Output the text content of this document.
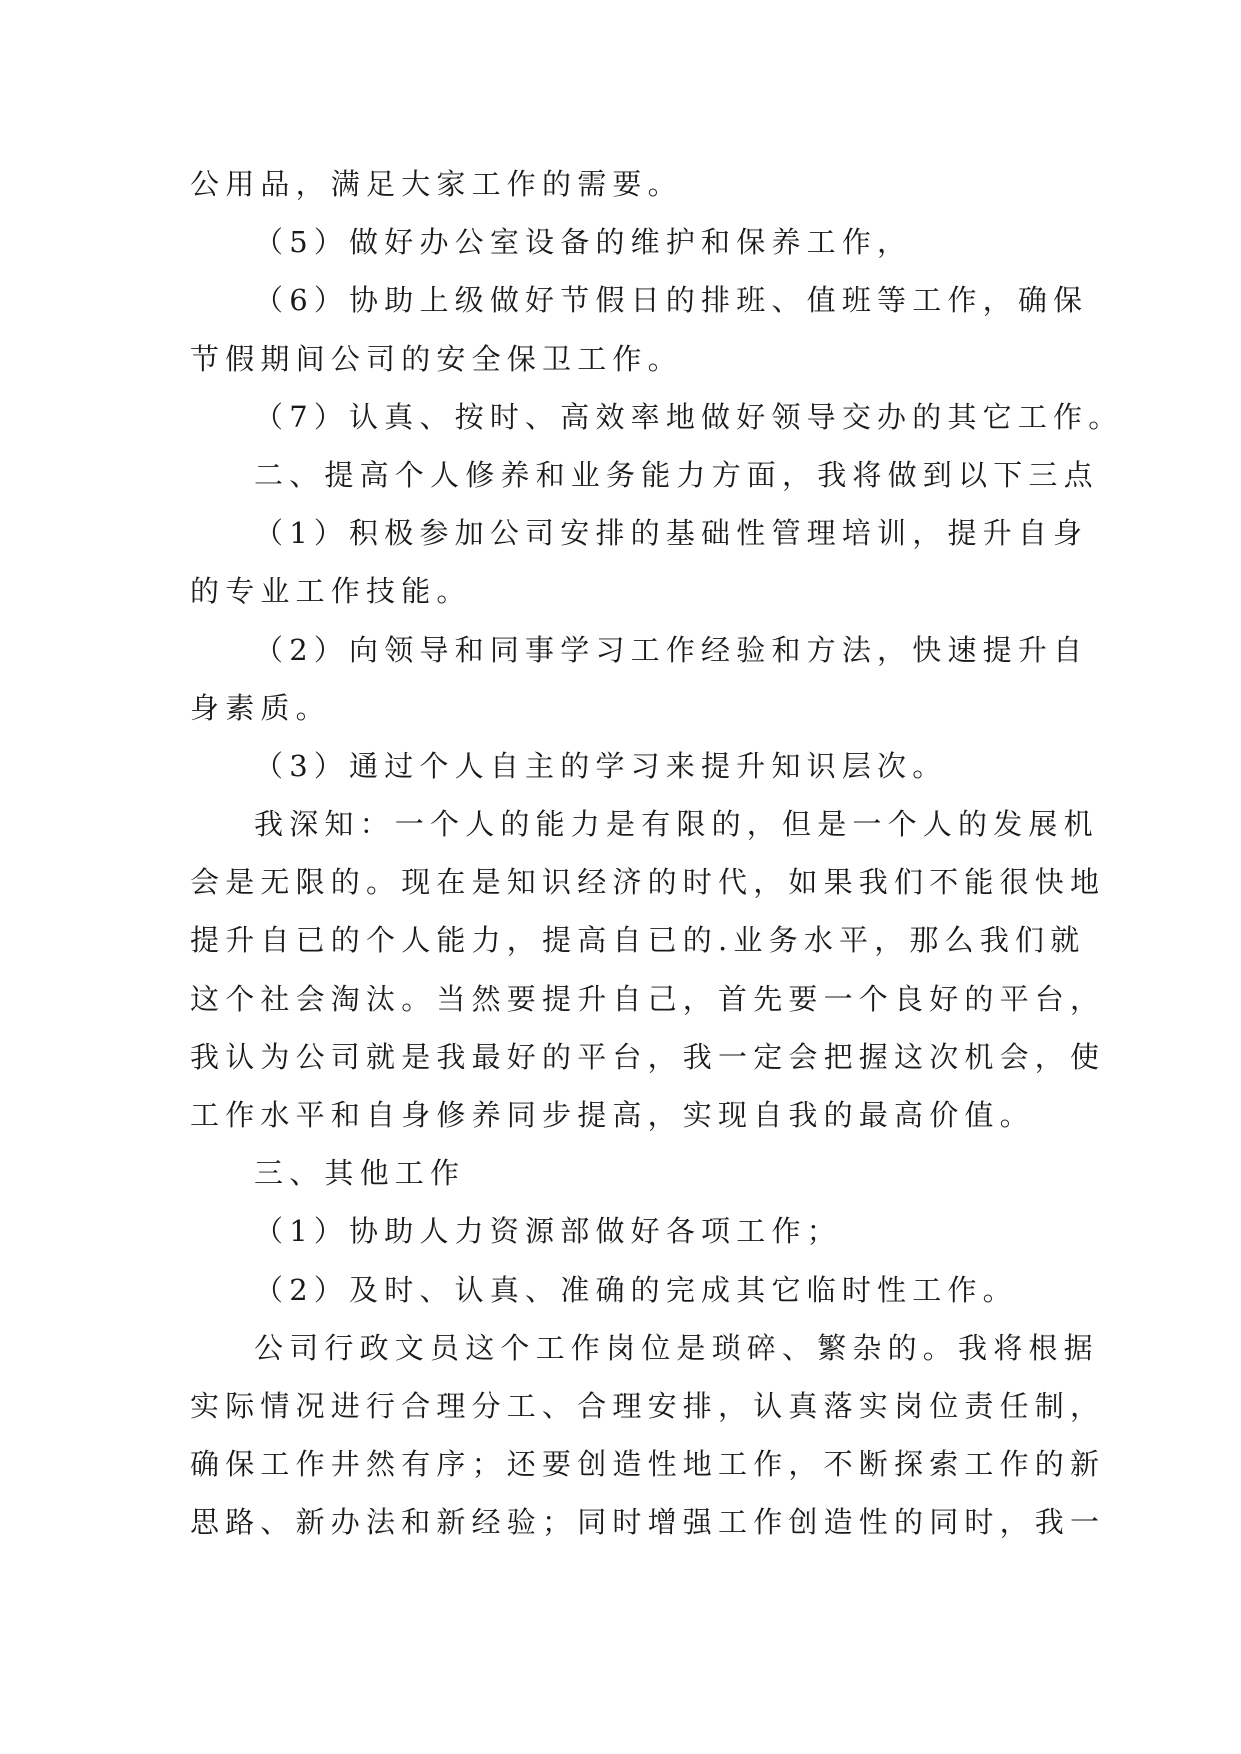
公用品，满足大家工作的需要。
（5）做好办公室设备的维护和保养工作，
（6）协助上级做好节假日的排班、值班等工作，确保
节假期间公司的安全保卫工作。
（7）认真、按时、高效率地做好领导交办的其它工作。
二、提高个人修养和业务能力方面，我将做到以下三点
（1）积极参加公司安排的基础性管理培训，提升自身
的专业工作技能。
（2）向领导和同事学习工作经验和方法，快速提升自
身素质。
（3）通过个人自主的学习来提升知识层次。
我深知：一个人的能力是有限的，但是一个人的发展机
会是无限的。现在是知识经济的时代，如果我们不能很快地
提升自已的个人能力，提高自已的.业务水平，那么我们就
这个社会淘汰。当然要提升自己，首先要一个良好的平台，
我认为公司就是我最好的平台，我一定会把握这次机会，使
工作水平和自身修养同步提高，实现自我的最高价值。
三、其他工作
（1）协助人力资源部做好各项工作；
（2）及时、认真、准确的完成其它临时性工作。
公司行政文员这个工作岗位是琐碎、繁杂的。我将根据
实际情况进行合理分工、合理安排，认真落实岗位责任制，
确保工作井然有序；还要创造性地工作，不断探索工作的新
思路、新办法和新经验；同时增强工作创造性的同时，我一
